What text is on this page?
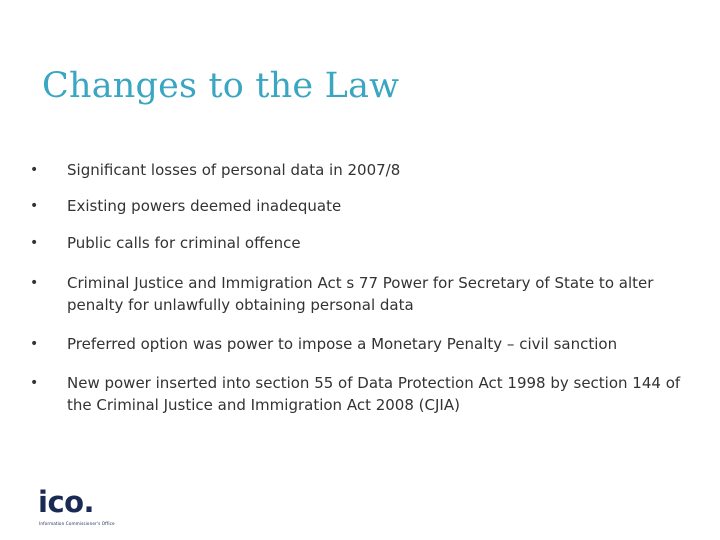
Changes to the Law
•	Significant losses of personal data in 2007/8
•	Existing powers deemed inadequate
•	Public calls for criminal offence
•	Criminal Justice and Immigration Act s 77 Power for Secretary of State to alter penalty for unlawfully obtaining personal data
•	Preferred option was power to impose a Monetary Penalty – civil sanction
•	New power inserted into section 55 of Data Protection Act 1998 by section 144 of the Criminal Justice and Immigration Act 2008 (CJIA)
ico.
Information Commissioner's Office
